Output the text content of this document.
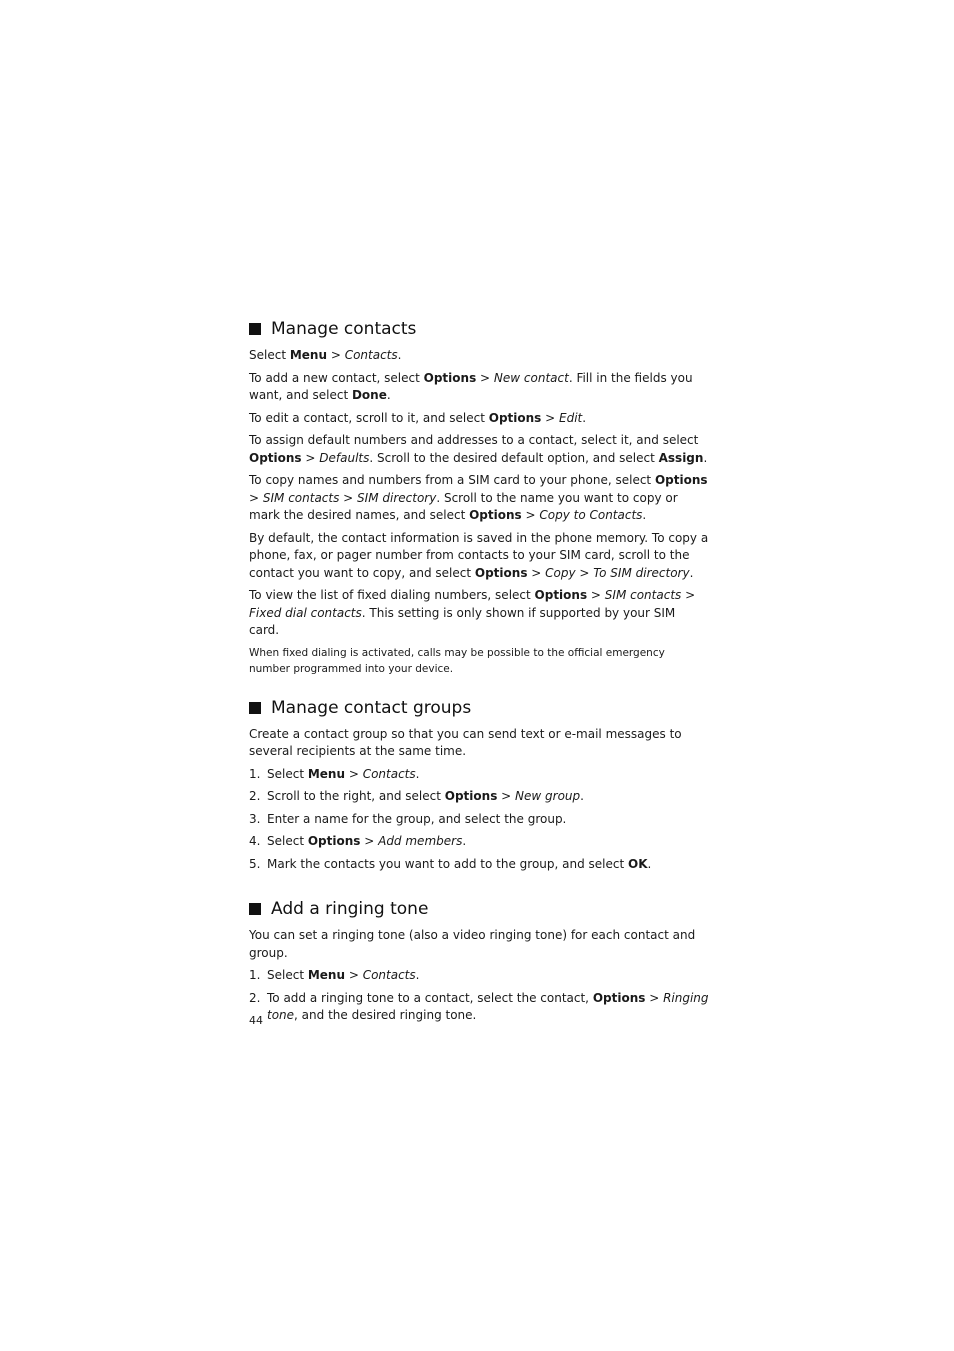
Manage contacts

Select Menu > Contacts.

To add a new contact, select Options > New contact. Fill in the fields you want, and select Done.

To edit a contact, scroll to it, and select Options > Edit.

To assign default numbers and addresses to a contact, select it, and select Options > Defaults. Scroll to the desired default option, and select Assign.

To copy names and numbers from a SIM card to your phone, select Options > SIM contacts > SIM directory. Scroll to the name you want to copy or mark the desired names, and select Options > Copy to Contacts.

By default, the contact information is saved in the phone memory. To copy a phone, fax, or pager number from contacts to your SIM card, scroll to the contact you want to copy, and select Options > Copy > To SIM directory.

To view the list of fixed dialing numbers, select Options > SIM contacts > Fixed dial contacts. This setting is only shown if supported by your SIM card.

When fixed dialing is activated, calls may be possible to the official emergency number programmed into your device.

Manage contact groups

Create a contact group so that you can send text or e-mail messages to several recipients at the same time.

1. Select Menu > Contacts.
2. Scroll to the right, and select Options > New group.
3. Enter a name for the group, and select the group.
4. Select Options > Add members.
5. Mark the contacts you want to add to the group, and select OK.
Add a ringing tone

You can set a ringing tone (also a video ringing tone) for each contact and group.

1. Select Menu > Contacts.
2. To add a ringing tone to a contact, select the contact, Options > Ringing tone, and the desired ringing tone.
44
